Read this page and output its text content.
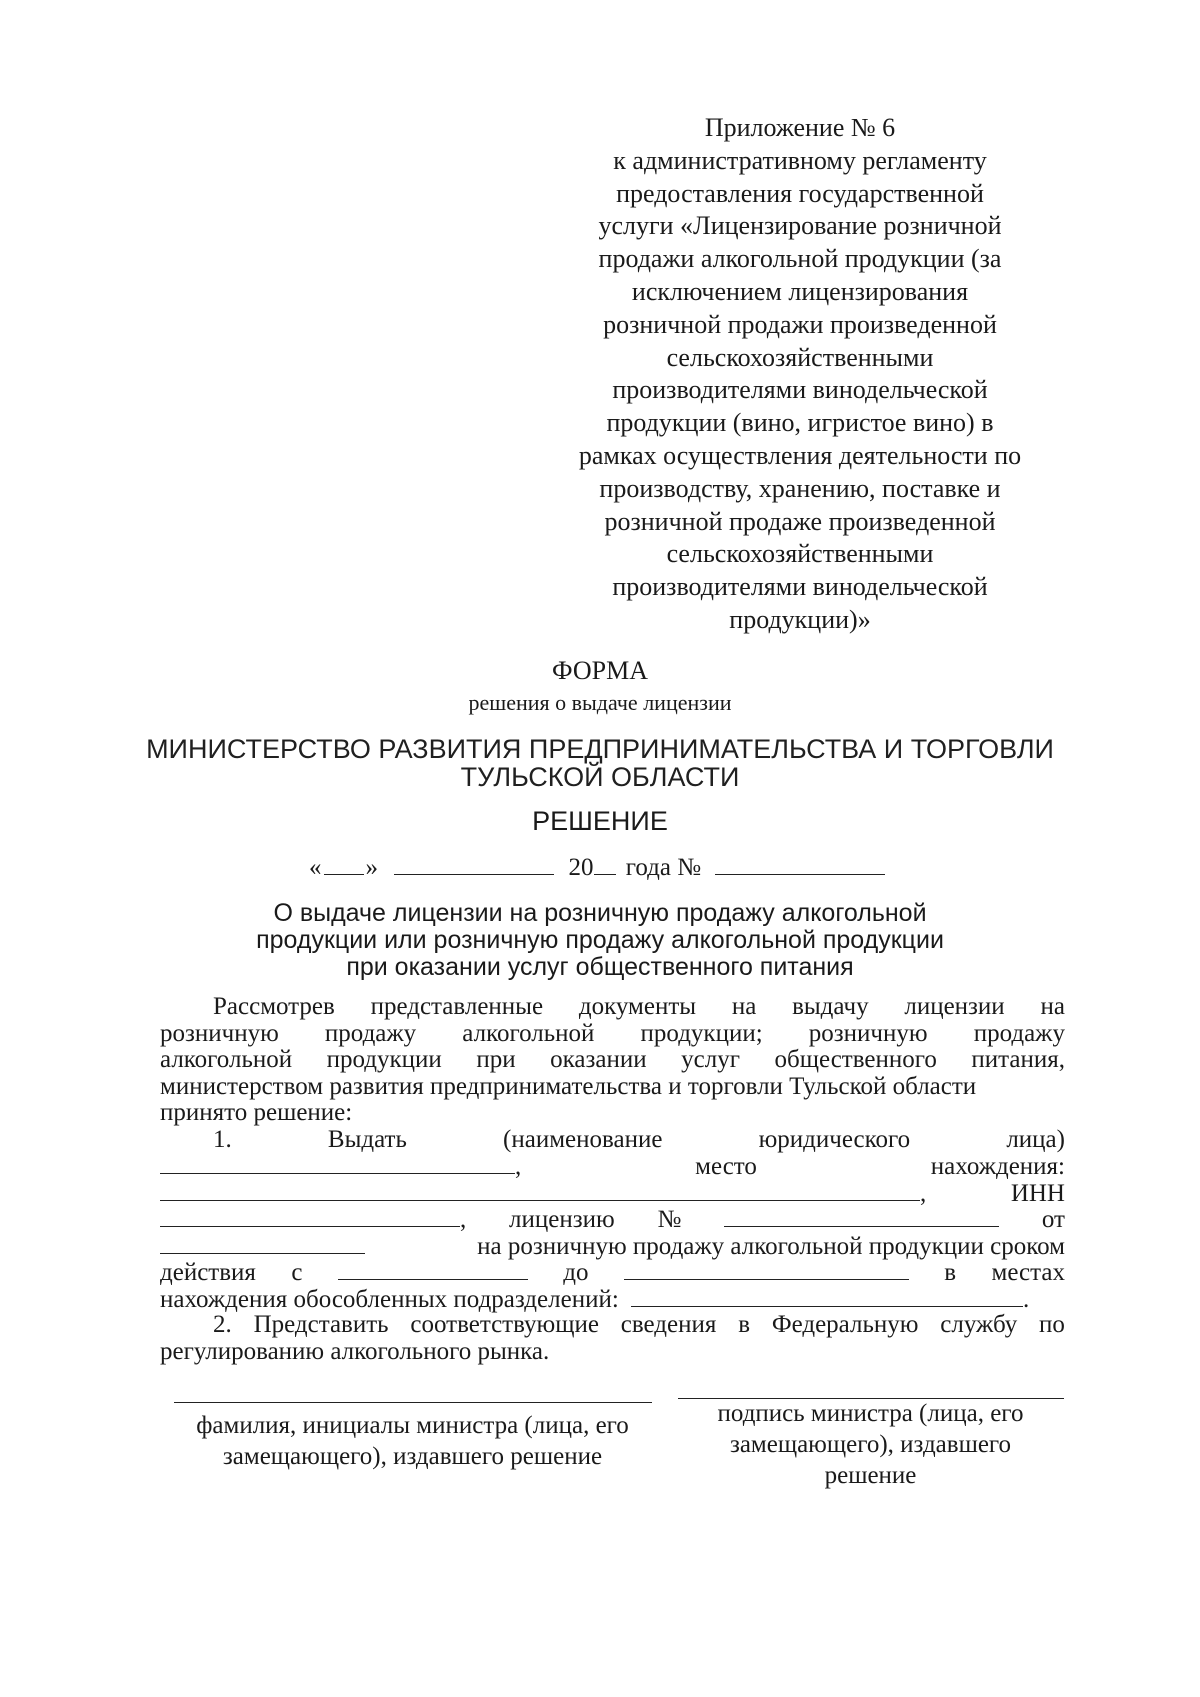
Приложение № 6
к административному регламенту
предоставления государственной
услуги «Лицензирование розничной
продажи алкогольной продукции (за
исключением лицензирования
розничной продажи произведенной
сельскохозяйственными
производителями винодельческой
продукции (вино, игристое вино) в
рамках осуществления деятельности по
производству, хранению, поставке и
розничной продаже произведенной
сельскохозяйственными
производителями винодельческой
продукции)»
ФОРМА
решения о выдаче лицензии
МИНИСТЕРСТВО РАЗВИТИЯ ПРЕДПРИНИМАТЕЛЬСТВА И ТОРГОВЛИ
ТУЛЬСКОЙ ОБЛАСТИ
РЕШЕНИЕ
« »	20 года №
О выдаче лицензии на розничную продажу алкогольной
продукции или розничную продажу алкогольной продукции
при оказании услуг общественного питания
Рассмотрев представленные документы на выдачу лицензии на
розничную продажу алкогольной продукции; розничную продажу
алкогольной продукции при оказании услуг общественного питания,
министерством развития предпринимательства и торговли Тульской области
принято решение:
1.	Выдать	(наименование	юридического	лица)
,	место	нахождения:
,	ИНН
, лицензию №	от
на розничную продажу алкогольной продукции сроком
действия с	до	в местах
нахождения обособленных подразделений:	.
2. Представить соответствующие сведения в Федеральную службу по
регулированию алкогольного рынка.
фамилия, инициалы министра (лица, его
замещающего), издавшего решение
подпись министра (лица, его
замещающего), издавшего
решение
